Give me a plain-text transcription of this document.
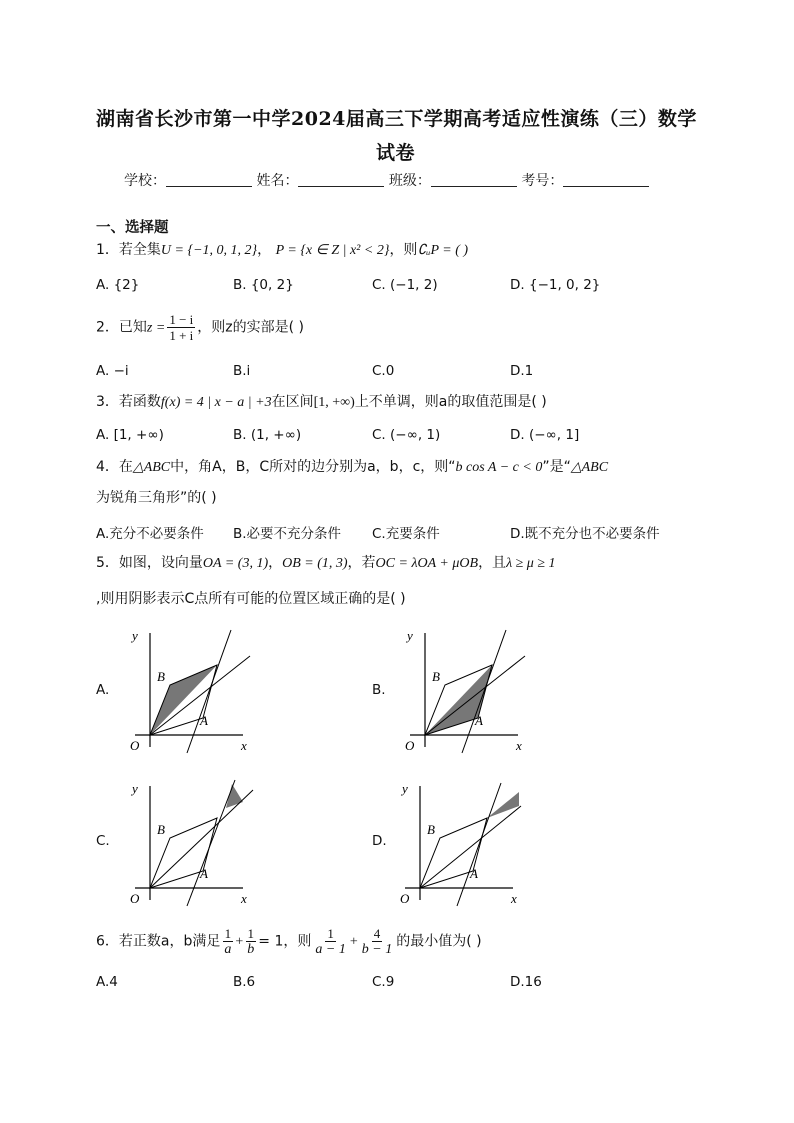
湖南省长沙市第一中学2024届高三下学期高考适应性演练（三）数学
试卷
学校：	姓名：	班级：	考号：
一、选择题
1．若全集U = {−1, 0, 1, 2}， P = {x ∈ Z | x² < 2}，则∁ᵤP = ( )
A. {2}	B. {0, 2}	C. (−1, 2)	D. {−1, 0, 2}
2．已知$z = \frac{1 - i}{1 + i}$ ，则z的实部是( )
A. −i	B.i	C.0	D.1
3．若函数f(x) = 4 | x − a | +3在区间[1, +∞)上不单调，则a的取值范围是( )
A. [1, +∞)	B. (1, +∞)	C. (−∞, 1)	D. (−∞, 1]
4．在△ABC中，角A，B，C所对的边分别为a，b，c，则“b cos A − c < 0”是“△ABC
为锐角三角形”的( )
A.充分不必要条件 B.必要不充分条件 C.充要条件	D.既不充分也不必要条件
5．如图，设向量OA = (3, 1)，OB = (1, 3)，若OC = λOA + μOB，且λ ≥ μ ≥ 1
,则用阴影表示C点所有可能的位置区域正确的是( )
A.	B.
C.	D.
O	x
y
B
A
O	x
y
B
A
O	x
y
B
A
O	x
y
B
A
6．若正数a，b满足 $\frac{1}{a} + \frac{1}{b} = 1$，则 $\frac{1}{a - 1} + \frac{4}{b - 1}$ 的最小值为( )
A.4	B.6	C.9	D.16
